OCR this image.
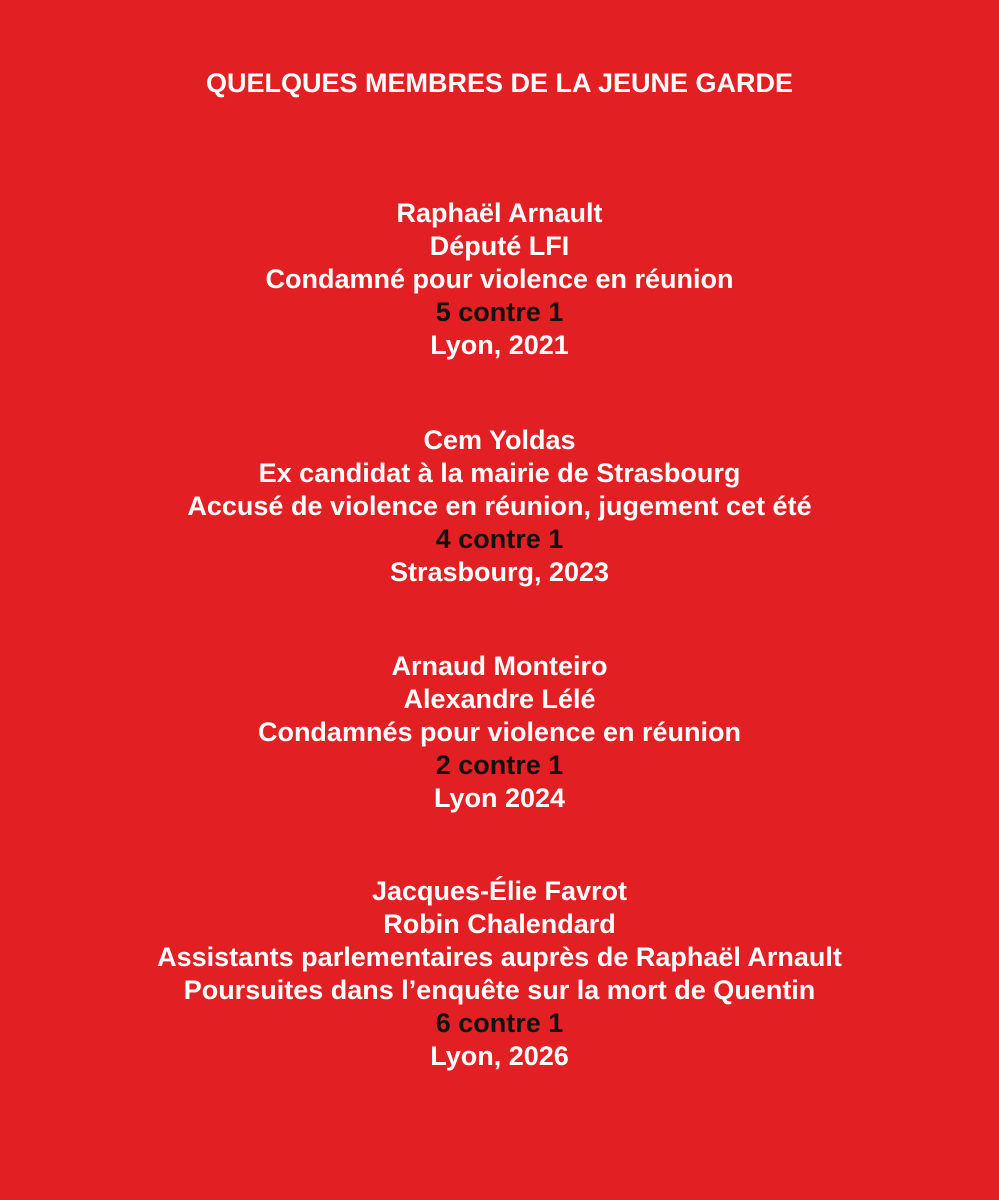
QUELQUES MEMBRES DE LA JEUNE GARDE
Raphaël Arnault
Député LFI
Condamné pour violence en réunion
5 contre 1
Lyon, 2021
Cem Yoldas
Ex candidat à la mairie de Strasbourg
Accusé de violence en réunion, jugement cet été
4 contre 1
Strasbourg, 2023
Arnaud Monteiro
Alexandre Lélé
Condamnés pour violence en réunion
2 contre 1
Lyon 2024
Jacques-Élie Favrot
Robin Chalendard
Assistants parlementaires auprès de Raphaël Arnault
Poursuites dans l’enquête sur la mort de Quentin
6 contre 1
Lyon, 2026
